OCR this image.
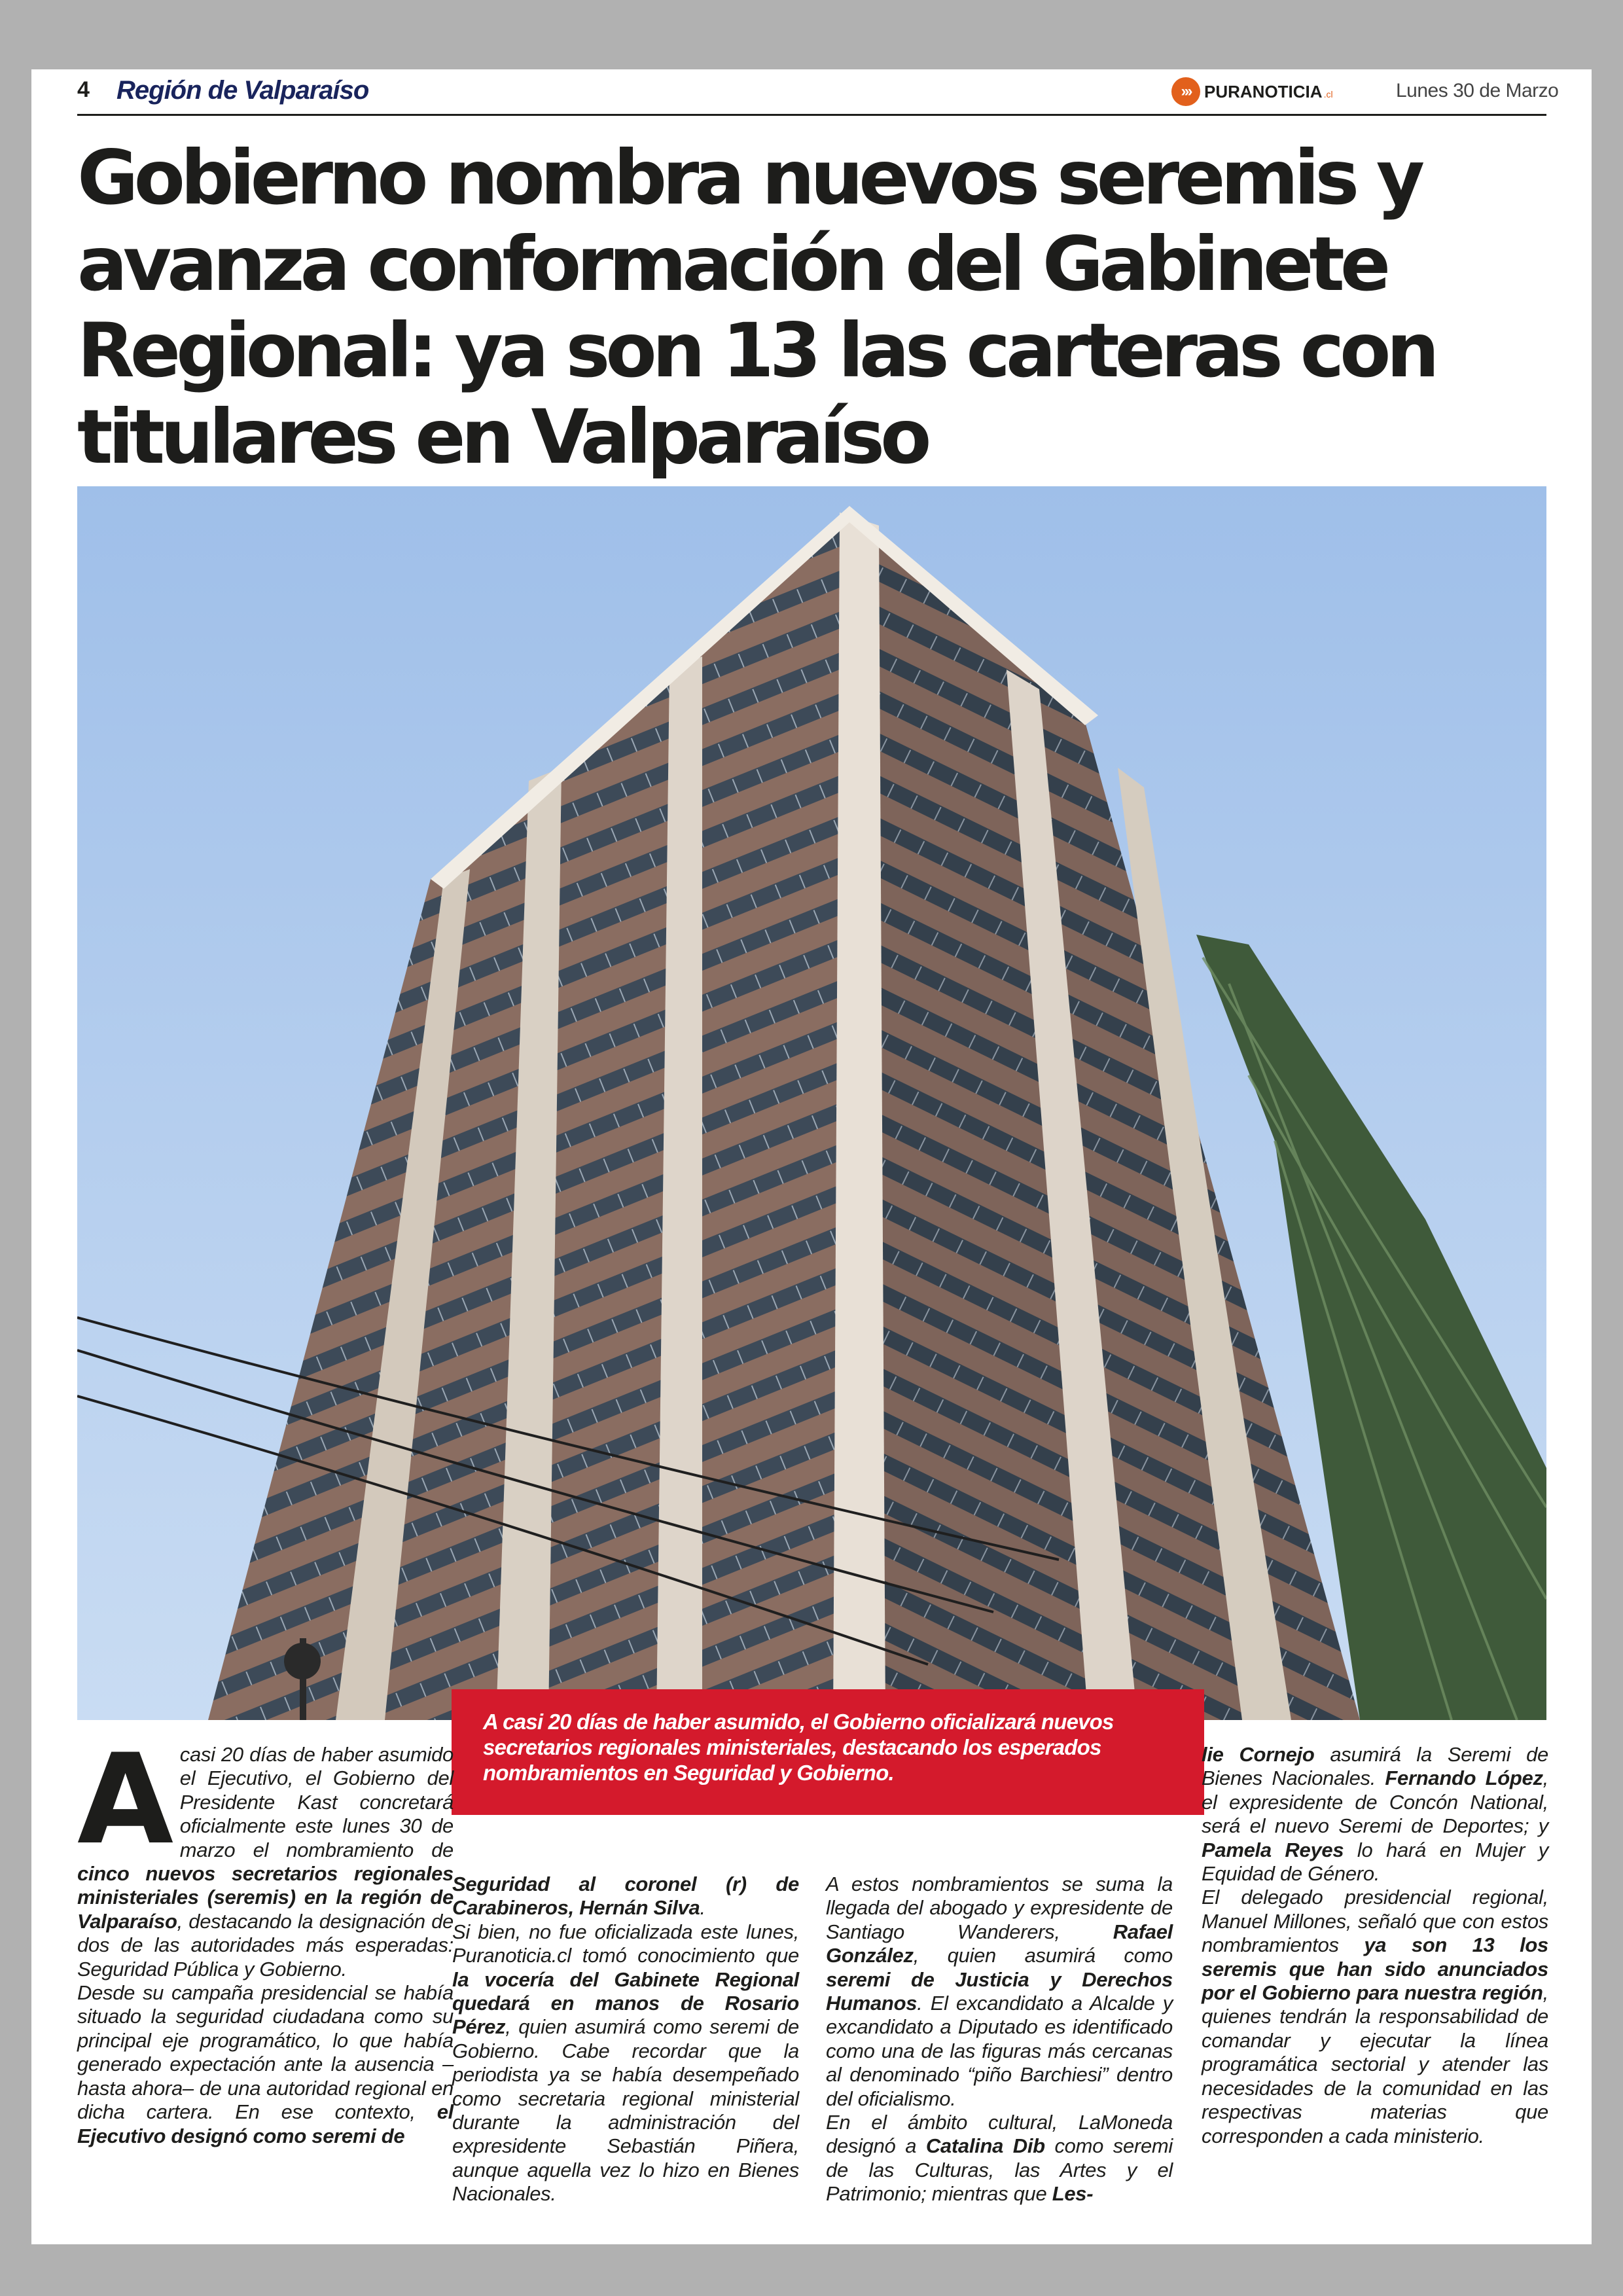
4 Región de Valparaíso	››› PURANOTICIA .cl	Lunes 30 de Marzo
Gobierno nombra nuevos seremis y avanza conformación del Gabinete Regional: ya son 13 las carteras con titulares en Valparaíso
A casi 20 días de haber asumido, el Gobierno oficializará nuevos secretarios regionales ministeriales, destacando los esperados nombramientos en Seguridad y Gobierno.
A casi 20 días de haber asumido el Ejecutivo, el Gobierno del Presidente Kast concretará oficialmente este lunes 30 de marzo el nombramiento de cinco nuevos secretarios regionales ministeriales (seremis) en la región de Valparaíso, destacando la designación de dos de las autoridades más esperadas: Seguridad Pública y Gobierno.

Desde su campaña presidencial se había situado la seguridad ciudadana como su principal eje programático, lo que había generado expectación ante la ausencia –hasta ahora– de una autoridad regional en dicha cartera. En ese contexto, el Ejecutivo designó como seremi de

Seguridad al coronel (r) de Carabineros, Hernán Silva.

Si bien, no fue oficializada este lunes, Puranoticia.cl tomó conocimiento que la vocería del Gabinete Regional quedará en manos de Rosario Pérez, quien asumirá como seremi de Gobierno. Cabe recordar que la periodista ya se había desempeñado como secretaria regional ministerial durante la administración del expresidente Sebastián Piñera, aunque aquella vez lo hizo en Bienes Nacionales.

A estos nombramientos se suma la llegada del abogado y expresidente de Santiago Wanderers, Rafael González, quien asumirá como seremi de Justicia y Derechos Humanos. El excandidato a Alcalde y excandidato a Diputado es identificado como una de las figuras más cercanas al denominado “piño Barchiesi” dentro del oficialismo.

En el ámbito cultural, LaMoneda designó a Catalina Dib como seremi de las Culturas, las Artes y el Patrimonio; mientras que Les-

lie Cornejo asumirá la Seremi de Bienes Nacionales. Fernando López, el expresidente de Concón National, será el nuevo Seremi de Deportes; y Pamela Reyes lo hará en Mujer y Equidad de Género.

El delegado presidencial regional, Manuel Millones, señaló que con estos nombramientos ya son 13 los seremis que han sido anunciados por el Gobierno para nuestra región, quienes tendrán la responsabilidad de comandar y ejecutar la línea programática sectorial y atender las necesidades de la comunidad en las respectivas materias que corresponden a cada ministerio.
